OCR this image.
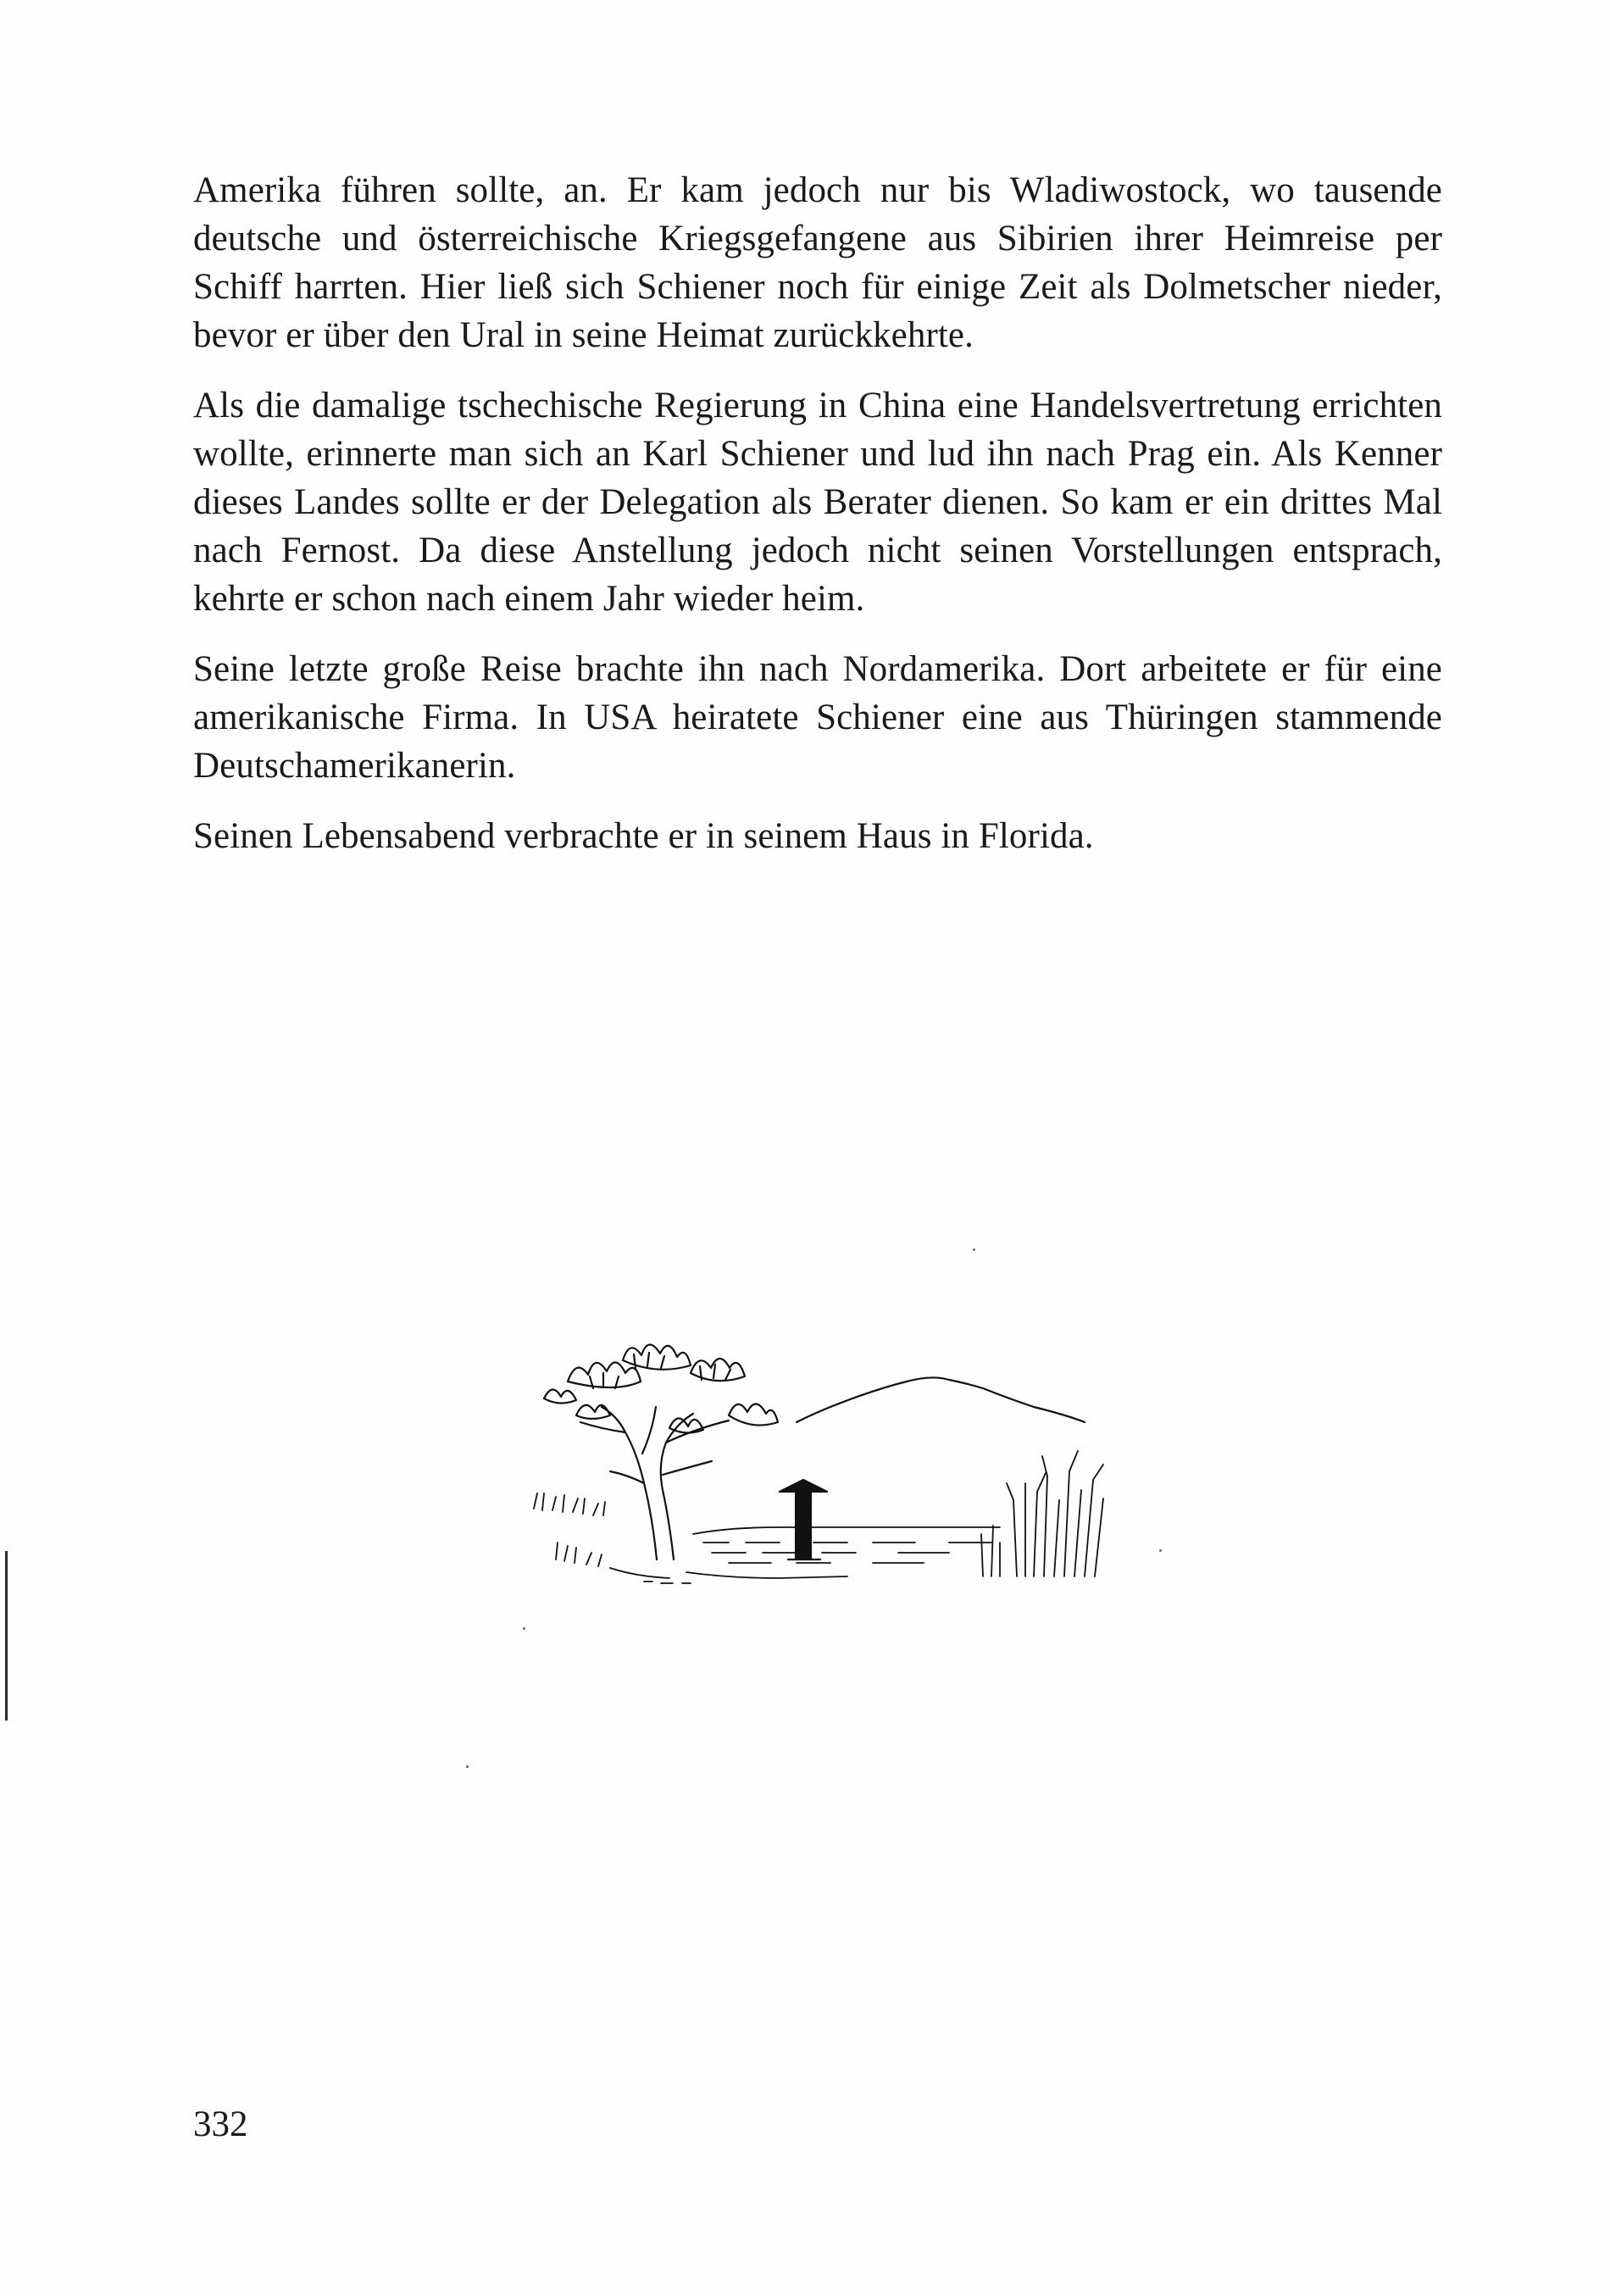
Amerika führen sollte, an. Er kam jedoch nur bis Wladiwostock, wo tausende deutsche und österreichische Kriegsgefangene aus Sibirien ihrer Heimreise per Schiff harrten. Hier ließ sich Schiener noch für einige Zeit als Dolmetscher nieder, bevor er über den Ural in seine Heimat zurückkehrte.

Als die damalige tschechische Regierung in China eine Handelsvertretung errichten wollte, erinnerte man sich an Karl Schiener und lud ihn nach Prag ein. Als Kenner dieses Landes sollte er der Delegation als Berater dienen. So kam er ein drittes Mal nach Fernost. Da diese Anstellung jedoch nicht seinen Vorstellungen entsprach, kehrte er schon nach einem Jahr wieder heim.

Seine letzte große Reise brachte ihn nach Nordamerika. Dort arbeitete er für eine amerikanische Firma. In USA heiratete Schiener eine aus Thüringen stammende Deutschamerikanerin.

Seinen Lebensabend verbrachte er in seinem Haus in Florida.

332
